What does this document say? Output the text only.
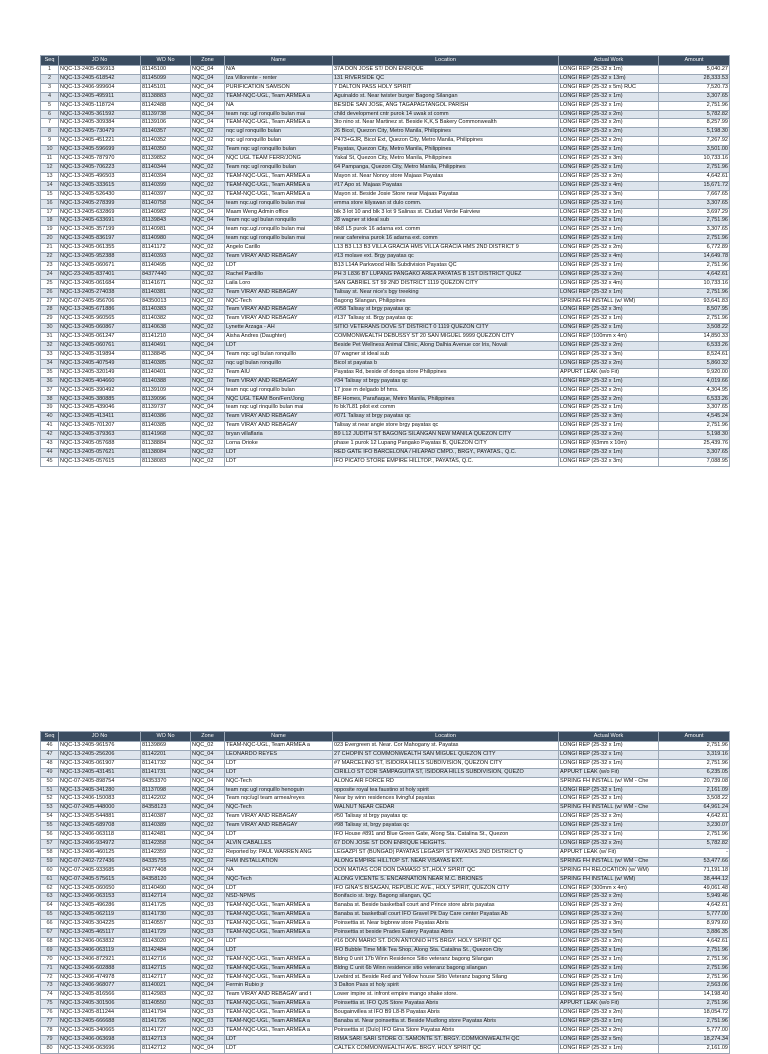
Seq	JO No	WO No	Zone	Name	Location	Actual Work	Amount
1	NQC-13-2405-636913	81145100	NQC_04	N/A	37A DON JOSE ST/ DON ENRIQUE	LONGI REP (25-32 x 1m)	5,040.27
2	NQC-13-2405-618542	81145099	NQC_04	Iza Villorente - renter	131 RIVERSIDE QC	LONGI REP (25-32 x 13m)	28,333.53
3	NQC-13-2406-999604	81145101	NQC_04	PURIFICATION SAMSON	7 DALTON PASS HOLY SPIRIT	LONGI REP (25-32 x 5m) RUC	7,520.73
4	NQC-13-2405-495911	81138883	NQC_02	TEAM-NQC-UGL, Team ARMEA a	Aguinaldo st. Near twister burger Bagong Silangan	LONGI REP (25-32 x 1m)	3,307.65
5	NQC-13-2405-118724	81142488	NQC_04	NA	BESIDE SAN JOSE, ANG TAGAPAGTANGOL PARISH	LONGI REP (25-32 x 1m)	2,751.96
6	NQC-13-2405-361592	81139738	NQC_04	team nqc ugl ronquillo bulan mai	child development cntr purok 14 uwak st comm	LONGI REP (25-32 x 2m)	5,782.82
7	NQC-13-2405-309384	81139106	NQC_04	TEAM-NQC-UGL, Team ARMEA a	3to nino st. Near Martinez st. Beside K,K,S Bakery Commonwealth	LONGI REP (25-32 x 2m)	8,257.99
8	NQC-13-2405-730479	81140357	NQC_02	nqc ugl ronquillo bulan	26 Bicol, Quezon City, Metro Manila, Philippines	LONGI REP (25-32 x 2m)	5,198.30
9	NQC-13-2405-451221	81140352	NQC_02	nqc ugl ronquillo bulan	P473+GJR, Bicol Ext, Quezon City, Metro Manila, Philippines	LONGI REP (25-32 x 2m)	7,267.92
10	NQC-13-2405-596699	81140350	NQC_02	Team nqc ugl ronquillo bulan	Payatas, Quezon City, Metro Manila, Philippines	LONGI REP (25-32 x 1m)	3,501.00
11	NQC-13-2405-787970	81139852	NQC_04	NQC UGL TEAM FERR/JONG	Yakal St, Quezon City, Metro Manila, Philippines	LONGI REP (25-32 x 3m)	10,733.16
12	NQC-13-2405-706223	81140344	NQC_02	Team nqc ugl ronquillo bulan	64 Pampanga, Quezon City, Metro Manila, Philippines	LONGI REP (25-32 x 1m)	2,751.96
13	NQC-13-2405-496503	81140394	NQC_02	TEAM-NQC-UGL, Team ARMEA a	Mayon st. Near Nonoy store Majaas Payatas	LONGI REP (25-32 x 2m)	4,642.61
14	NQC-13-2405-333615	81140399	NQC_02	TEAM-NQC-UGL, Team ARMEA a	#17 Apo st. Majaas Payatas	LONGI REP (25-32 x 4m)	15,671.72
15	NQC-13-2405-526430	81140397	NQC_02	TEAM-NQC-UGL, Team ARMEA a	Mayon st. Beside Josie Store near Majaas Payatas	LONGI REP (25-32 x 3m)	7,667.65
16	NQC-13-2405-278399	81140758	NQC_04	team nqc.ugl ronquillo bulan mai	emma store kilyawan st dulo comm.	LONGI REP (25-32 x 1m)	3,307.65
17	NQC-13-2405-632869	81140982	NQC_04	Maam Weng Admin office	blk 3 lot 10 and blk 3 lot 9 Salinas st. Ciudad Verde Fairview	LONGI REP (25-32 x 1m)	3,697.29
18	NQC-13-2405-633691	81139843	NQC_04	Team nqc ugl bulan ronquillo	28 wagner st ideal sub	LONGI REP (25-32 x 1m)	2,751.96
19	NQC-13-2405-357199	81140981	NQC_04	team nqc.ugl.ronquillo bulan mai	blk8 L5 purok 16 adarna ext. comm	LONGI REP (25-32 x 1m)	3,307.65
20	NQC-13-2405-836197	81140980	NQC_04	team nqc ugl ronquillo bulan mai	near cafereina purok 16 adarna ext. comm	LONGI REP (25-32 x 1m)	2,751.96
21	NQC-13-2405-061355	81141172	NQC_02	Angelo Carillo	L13 B3 L13 B3 VILLA GRACIA HMS VILLA GRACIA HMS 2ND DISTRICT 9	LONGI REP (25-32 x 2m)	6,772.89
22	NQC-13-2405-952388	81140393	NQC_02	Team VIRAY AND REBAGAY	#13 molave ext. Brgy payatas qc	LONGI REP (25-32 x 4m)	14,649.78
23	NQC-13-2405-060671	81140495	NQC_02	LDT	B13 L14A Parkwood Hills Subdivision Payatas QC	LONGI REP (25-32 x 1m)	2,751.96
24	NQC-23-2405-837401	84377440	NQC_02	Rachel Pardillo	PH 3 L836 B7 LUPANG PANGAKO AREA PAYATAS B 1ST DISTRICT QUEZ	LONGI REP (25-32 x 2m)	4,642.61
25	NQC-13-2405-061684	81141671	NQC_02	Laila Loro	SAN GABRIEL ST 59 2ND DISTRICT 1119 QUEZON CITY	LONGI REP (25-32 x 4m)	10,733.16
26	NQC-13-2405-274038	81140381	NQC_02	Team VIRAY AND REBAGAY	Talisay st. Near nice's bgy treeking	LONGI REP (25-32 x 1m)	2,751.96
27	NQC-07-2405-956706	84350013	NQC_02	NQC-Tech	Bagong Silangan, Philippines	SPRING FH INSTALL (w/ WM)	93,641.83
28	NQC-13-2405-671886	81140383	NQC_02	Team VIRAY AND REBAGAY	#058 Talisay st brgy payatas qc	LONGI REP (25-32 x 3m)	8,507.95
29	NQC-13-2405-960565	81140382	NQC_02	Team VIRAY AND REBAGAY	#137 Talisay st. Brgy payatas qc	LONGI REP (25-32 x 1m)	2,751.96
30	NQC-13-2405-060867	81140638	NQC_02	Lynette Arzaga - AH	SITIO VETERANS DOVE ST DISTRICT 0 1119 QUEZON CITY	LONGI REP (25-32 x 1m)	3,508.22
31	NQC-13-2405-061247	81141210	NQC_04	Aisha Andres (Daughter)	COMMONWEALTH DEBUSSY ST 20 SAN MIGUEL 9999 QUEZON CITY	LONGI REP (100mm x 4m)	14,850.33
32	NQC-13-2405-060761	81140491	NQC_04	LDT	Beside Pet Wellness Animal Clinic, Along Dalhia Avenue cor Iris, Novali	LONGI REP (25-32 x 2m)	6,533.26
33	NQC-13-2405-319894	81138845	NQC_04	Team nqc ugl bulan ronquillo	07 wagner st ideal sub	LONGI REP (25-32 x 3m)	8,524.61
34	NQC-13-2405-407549	81140385	NQC_02	nqc ugl bulan ronquillo	Bicol st payatas b	LONGI REP (25-32 x 2m)	5,860.32
35	NQC-13-2405-320149	81140401	NQC_02	Team AIU	Payatas Rd, beside of donga store Philippines	APPURT LEAK (w/o Fit)	9,920.00
36	NQC-13-2405-404660	81140388	NQC_02	Team VIRAY AND REBAGAY	#34 Talisay st brgy payatas qc	LONGI REP (25-32 x 1m)	4,019.66
37	NQC-13-2405-390492	81139109	NQC_04	team nqc ugl ronquillo bulan	17 jose m delgado bf hms.	LONGI REP (25-32 x 2m)	4,304.95
38	NQC-13-2405-380885	81139096	NQC_04	NQC UGL TEAM Bon/Ferr/Jong	BF Homes, Parañaque, Metro Manila, Philippines	LONGI REP (25-32 x 2m)	6,533.26
39	NQC-13-2405-439046	81139737	NQC_04	team nqc ugl rinquillo bulan mai	fo bk7L81 pilot ext comm	LONGI REP (25-32 x 1m)	3,307.65
40	NQC-13-2405-413411	81140386	NQC_02	Team VIRAY AND REBAGAY	#071 Talisay st brgy payatas qc	LONGI REP (25-32 x 3m)	4,545.24
41	NQC-13-2405-701207	81140385	NQC_02	Team VIRAY AND REBAGAY	Talisay st near angie store brgy payatas qc	LONGI REP (25-32 x 1m)	2,751.96
42	NQC-13-2405-379363	81141968	NQC_02	bryan villaflaria	B9 L12 JUDITH ST BAGONG SILANGAN NEW MANILA QUEZON CITY	LONGI REP (25-32 x 2m)	5,198.30
43	NQC-13-2405-057688	81138884	NQC_02	Lorna Orioke	phase 1 purok 12 Lupang Pangako Payatas B, QUEZON CITY	LONGI REP (63mm x 10m)	25,439.76
44	NQC-13-2405-057621	81138084	NQC_02	LDT	RED GATE IFO BARCELONA / HILAPAD CMPD., BRGY., PAYATAS., Q.C.	LONGI REP (25-32 x 1m)	3,307.65
45	NQC-13-2405-057615	81138083	NQC_02	LDT	IFO PICATO STORE EMPIRE HILLTOP., PAYATAS, Q.C.	LONGI REP (25-32 x 3m)	7,088.95
Seq	JO No	WO No	Zone	Name	Location	Actual Work	Amount
46	NQC-13-2405-961576	81139869	NQC_02	TEAM-NQC-UGL, Team ARMEA a	023 Evergreen st. Near. Cor Mahogany st. Payatas	LONGI REP (25-32 x 1m)	2,751.96
47	NQC-13-2405-256206	81142201	NQC_04	LEONARDO REYES	27 CHOPIN ST COMMONWEALTH SAN MIGUEL QUEZON CITY	LONGI REP (25-32 x 1m)	3,319.16
48	NQC-13-2405-061907	81141732	NQC_04	LDT	#7 MARCELINO ST, ISIDORA HILLS SUBDIVISION, QUEZON CITY	LONGI REP (25-32 x 1m)	2,751.96
49	NQC-13-2405-431451	81141731	NQC_04	LDT	CIRILLO ST COR SAMPAGUITA ST, ISIDORA HILLS SUBDIVISION, QUEZO	APPURT LEAK (w/o Fit)	6,235.05
50	NQC-07-2405-898754	84353370	NQC_04	NQC-Tech	ALONG AIR FORCE RD	SPRING FH INSTALL (w/ WM - Che	20,739.08
51	NQC-13-2405-341280	81137098	NQC_04	team nqc ugl ronquillo henoguin	opposite royal tea faustino st holy spirit	LONGI REP (25-32 x 1m)	2,161.09
52	NQC-13-2406-150083	81142202	NQC_04	Team nqc/ugl team armea/reyes	Near by winn residences livingful payatas	LONGI REP (25-32 x 1m)	3,508.22
53	NQC-07-2405-448000	84358123	NQC_04	NQC-Tech	WALNUT NEAR CEDAR	SPRING FH INSTALL (w/ WM - Che	64,961.24
54	NQC-13-2405-544881	81140387	NQC_02	Team VIRAY AND REBAGAY	#50 Talisay st brgy payatas qc	LONGI REP (25-32 x 2m)	4,642.61
55	NQC-13-2405-689708	81140389	NQC_02	Team VIRAY AND REBAGAY	#98 Talisay st, brgy payatas qc	LONGI REP (25-32 x 1m)	3,230.07
56	NQC-13-2406-063118	81142481	NQC_04	LDT	IFO House #891 and Blue Green Gate, Along Sta. Catalina St., Quezon	LONGI REP (25-32 x 1m)	2,751.96
57	NQC-13-2406-934972	81142358	NQC_04	ALVIN CABALLES	67 DON JOSE ST DON ENRIQUE HEIGHTS.	LONGI REP (25-32 x 2m)	5,782.82
58	NQC-13-2406-460125	81142359	NQC_02	Reported by: PAUL WARREN ANG	LEGAZPI ST (BUNGAD) PAYATAS LEGASPI ST PAYATAS 2ND DISTRICT Q	APPURT LEAK (w/ Fit)	-
59	NQC-07-2402-727436	84335755	NQC_02	FHM INSTALLATION	ALONG EMPIRE HILLTOP ST. NEAR VISAYAS EXT.	SPRING FH INSTALL (w/ WM - Che	53,477.66
60	NQC-07-2405-933685	84377408	NQC_04	NA	DON MATIAS COR DON DAMASO ST.,HOLY SPIRIT QC	SPRING FH RELOCATION (w/ WM)	71,191.18
61	NQC-07-2405-575615	84358120	NQC_04	NQC-Tech	ALONG VICENTE S. ENCARNATION NEAR M.C. BRIONES	SPRING FH INSTALL (w/ WM)	38,444.12
62	NQC-13-2405-060650	81140490	NQC_04	LDT	IFO GINA'S BISAGAN, REPUBLIC AVE., HOLY SPIRIT, QUEZON CITY	LONGI REP (300mm x 4m)	49,061.48
63	NQC-13-2406-063153	81142714	NQC_02	NSD-NPMS	Bonifacio st. brgy. Bagong silangan, QC	LONGI REP (25-32 x 2m)	5,949.46
64	NQC-13-2405-496286	81141725	NQC_03	TEAM-NQC-UGL, Team ARMEA a	Banaba st. Beside basketball court and Prince store abris payatas	LONGI REP (25-32 x 2m)	4,642.61
65	NQC-13-2405-062119	81141730	NQC_03	TEAM-NQC-UGL, Team ARMEA a	Banaba st. basketball court IFO Gravel Pit Day Care center Payatas Ab	LONGI REP (25-32 x 2m)	5,777.00
66	NQC-13-2405-304225	81140557	NQC_03	TEAM-NQC-UGL, Team ARMEA a	Poinsettia st. Near bigbrew store Payatas Abris	LONGI REP (25-32 x 3m)	8,979.60
67	NQC-13-2405-465117	81141729	NQC_03	TEAM-NQC-UGL, Team ARMEA a	Poinsettia st beside Prades Eatery Payatas Abris	LONGI REP (25-32 x 5m)	3,886.35
68	NQC-13-2406-063832	81143020	NQC_04	LDT	#16 DON MARIO ST. DON ANTONIO HTS BRGY. HOLY SPIRIT QC	LONGI REP (25-32 x 2m)	4,642.61
69	NQC-13-2406-063119	81142484	NQC_04	LDT	IFO Bubble Time Milk Tea Shop, Along Sta. Catalina St., Quezon City	LONGI REP (25-32 x 1m)	2,751.96
70	NQC-13-2406-872921	81142716	NQC_02	TEAM-NQC-UGL, Team ARMEA a	Bldng 0 unit 17b Winn Residence Sitio veteranz bagong Silangan	LONGI REP (25-32 x 1m)	2,751.96
71	NQC-13-2406-602888	81142715	NQC_02	TEAM-NQC-UGL, Team ARMEA a	Bldng C unit 6b Winn residence sitio veteranz bagong silangan	LONGI REP (25-32 x 1m)	2,751.96
72	NQC-13-2406-474978	81142717	NQC_02	TEAM-NQC-UGL, Team ARMEA a	Livebird st. Beside Red and Yellow house Sitio Veteranz bagong Silang	LONGI REP (25-32 x 1m)	2,751.96
73	NQC-13-2406-968077	81140021	NQC_04	Fermin Rubio jr	3 Dalton Pass st holy spirit	LONGI REP (25-32 x 1m)	2,563.06
74	NQC-13-2405-816566	81142983	NQC_02	Team VIRAY AND REBAGAY and t	Lower impire st. infront empire mango shake store.	LONGI REP (25-32 x 5m)	14,198.40
75	NQC-13-2405-301506	81140550	NQC_03	TEAM-NQC-UGL, Team ARMEA a	Poinsettia st. IFO QJS Store Payatas Abris	APPURT LEAK (w/o Fit)	2,751.96
76	NQC-13-2405-811244	81141794	NQC_03	TEAM-NQC-UGL, Team ARMEA a	Bougainvillea st IFO B9 L8-B Payatas Abris	LONGI REP (25-32 x 2m)	18,054.72
77	NQC-13-2405-666688	81141726	NQC_03	TEAM-NQC-UGL, Team ARMEA a	Banaba st. Near poinsettia st. Beside Mudlong store Payatas Abris	LONGI REP (25-32 x 1m)	2,751.96
78	NQC-13-2405-340665	81141727	NQC_03	TEAM-NQC-UGL, Team ARMEA a	Poinsettia st (Dulo) IFO Gina Store Payatas Abris	LONGI REP (25-32 x 2m)	5,777.00
79	NQC-13-2406-063698	81142713	NQC_04	LDT	RIMA SARI SARI STORE O. SAMONTE ST. BRGY. COMMONWEALTH QC	LONGI REP (25-32 x 5m)	18,274.34
80	NQC-13-2406-063696	81142712	NQC_04	LDT	CALTEX COMMONWEALTH AVE. BRGY. HOLY SPIRIT QC	LONGI REP (25-32 x 1m)	2,161.09
